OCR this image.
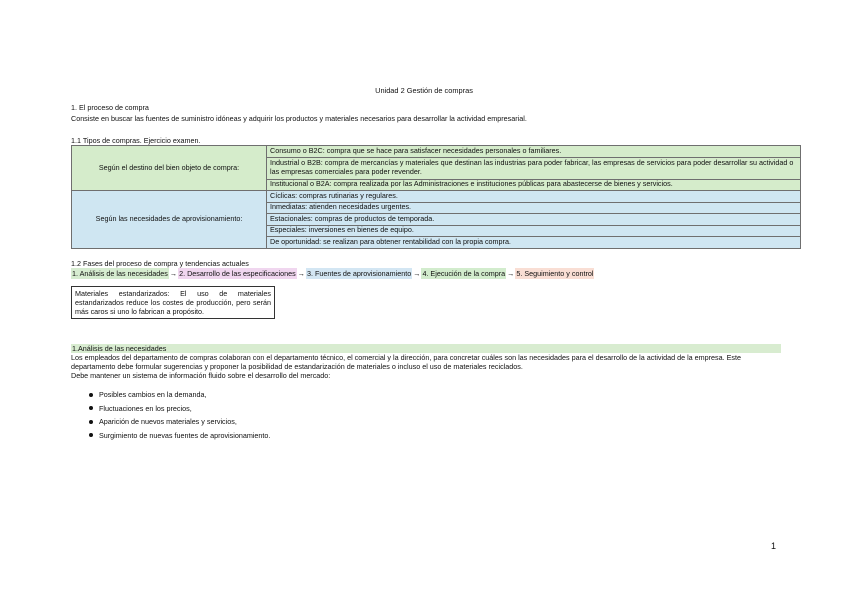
Unidad 2 Gestión de compras
1. El proceso de compra
Consiste en buscar las fuentes de suministro idóneas y adquirir los productos y materiales necesarios para desarrollar la actividad empresarial.
1.1 Tipos de compras. Ejercicio examen.
Según el destino del bien objeto de compra:	Consumo o B2C: compra que se hace para satisfacer necesidades personales o familiares.
	Industrial o B2B: compra de mercancías y materiales que destinan las industrias para poder fabricar, las empresas de servicios para poder desarrollar su actividad o las empresas comerciales para poder revender.
	Institucional o B2A: compra realizada por las Administraciones e instituciones públicas para abastecerse de bienes y servicios.
Según las necesidades de aprovisionamiento:	Cíclicas: compras rutinarias y regulares.
	Inmediatas: atienden necesidades urgentes.
	Estacionales: compras de productos de temporada.
	Especiales: inversiones en bienes de equipo.
	De oportunidad: se realizan para obtener rentabilidad con la propia compra.
1.2 Fases del proceso de compra y tendencias actuales
1. Análisis de las necesidades → 2. Desarrollo de las especificaciones → 3. Fuentes de aprovisionamiento → 4. Ejecución de la compra → 5. Seguimiento y control
Materiales estandarizados: El uso de materiales estandarizados reduce los costes de producción, pero serán más caros si uno lo fabrican a propósito.
1.Análisis de las necesidades
Los empleados del departamento de compras colaboran con el departamento técnico, el comercial y la dirección, para concretar cuáles son las necesidades para el desarrollo de la actividad de la empresa. Este departamento debe formular sugerencias y proponer la posibilidad de estandarización de materiales o incluso el uso de materiales reciclados.
Debe mantener un sistema de información fluido sobre el desarrollo del mercado:
Posibles cambios en la demanda,
Fluctuaciones en los precios,
Aparición de nuevos materiales y servicios,
Surgimiento de nuevas fuentes de aprovisionamiento.
1
